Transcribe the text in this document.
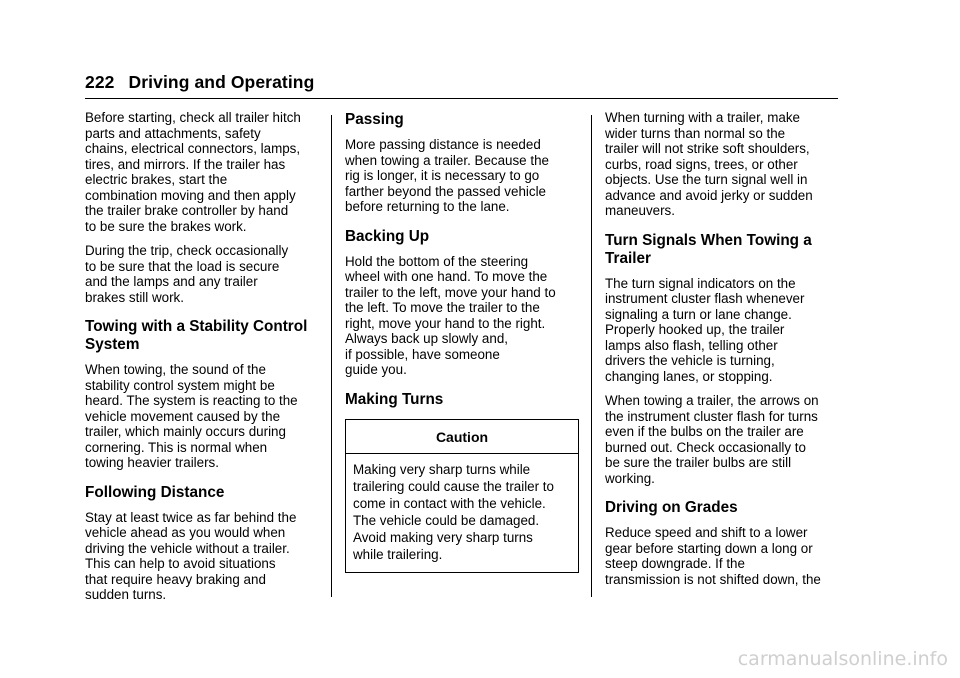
222 Driving and Operating

Before starting, check all trailer hitch
parts and attachments, safety
chains, electrical connectors, lamps,
tires, and mirrors. If the trailer has
electric brakes, start the
combination moving and then apply
the trailer brake controller by hand
to be sure the brakes work.

During the trip, check occasionally
to be sure that the load is secure
and the lamps and any trailer
brakes still work.

Towing with a Stability Control
System

When towing, the sound of the
stability control system might be
heard. The system is reacting to the
vehicle movement caused by the
trailer, which mainly occurs during
cornering. This is normal when
towing heavier trailers.

Following Distance

Stay at least twice as far behind the
vehicle ahead as you would when
driving the vehicle without a trailer.
This can help to avoid situations
that require heavy braking and
sudden turns.

Passing

More passing distance is needed
when towing a trailer. Because the
rig is longer, it is necessary to go
farther beyond the passed vehicle
before returning to the lane.

Backing Up

Hold the bottom of the steering
wheel with one hand. To move the
trailer to the left, move your hand to
the left. To move the trailer to the
right, move your hand to the right.
Always back up slowly and,
if possible, have someone
guide you.

Making Turns
Caution
Making very sharp turns while
trailering could cause the trailer to
come in contact with the vehicle.
The vehicle could be damaged.
Avoid making very sharp turns
while trailering.

When turning with a trailer, make
wider turns than normal so the
trailer will not strike soft shoulders,
curbs, road signs, trees, or other
objects. Use the turn signal well in
advance and avoid jerky or sudden
maneuvers.

Turn Signals When Towing a
Trailer

The turn signal indicators on the
instrument cluster flash whenever
signaling a turn or lane change.
Properly hooked up, the trailer
lamps also flash, telling other
drivers the vehicle is turning,
changing lanes, or stopping.

When towing a trailer, the arrows on
the instrument cluster flash for turns
even if the bulbs on the trailer are
burned out. Check occasionally to
be sure the trailer bulbs are still
working.

Driving on Grades

Reduce speed and shift to a lower
gear before starting down a long or
steep downgrade. If the
transmission is not shifted down, the

carmanualsonline.info
